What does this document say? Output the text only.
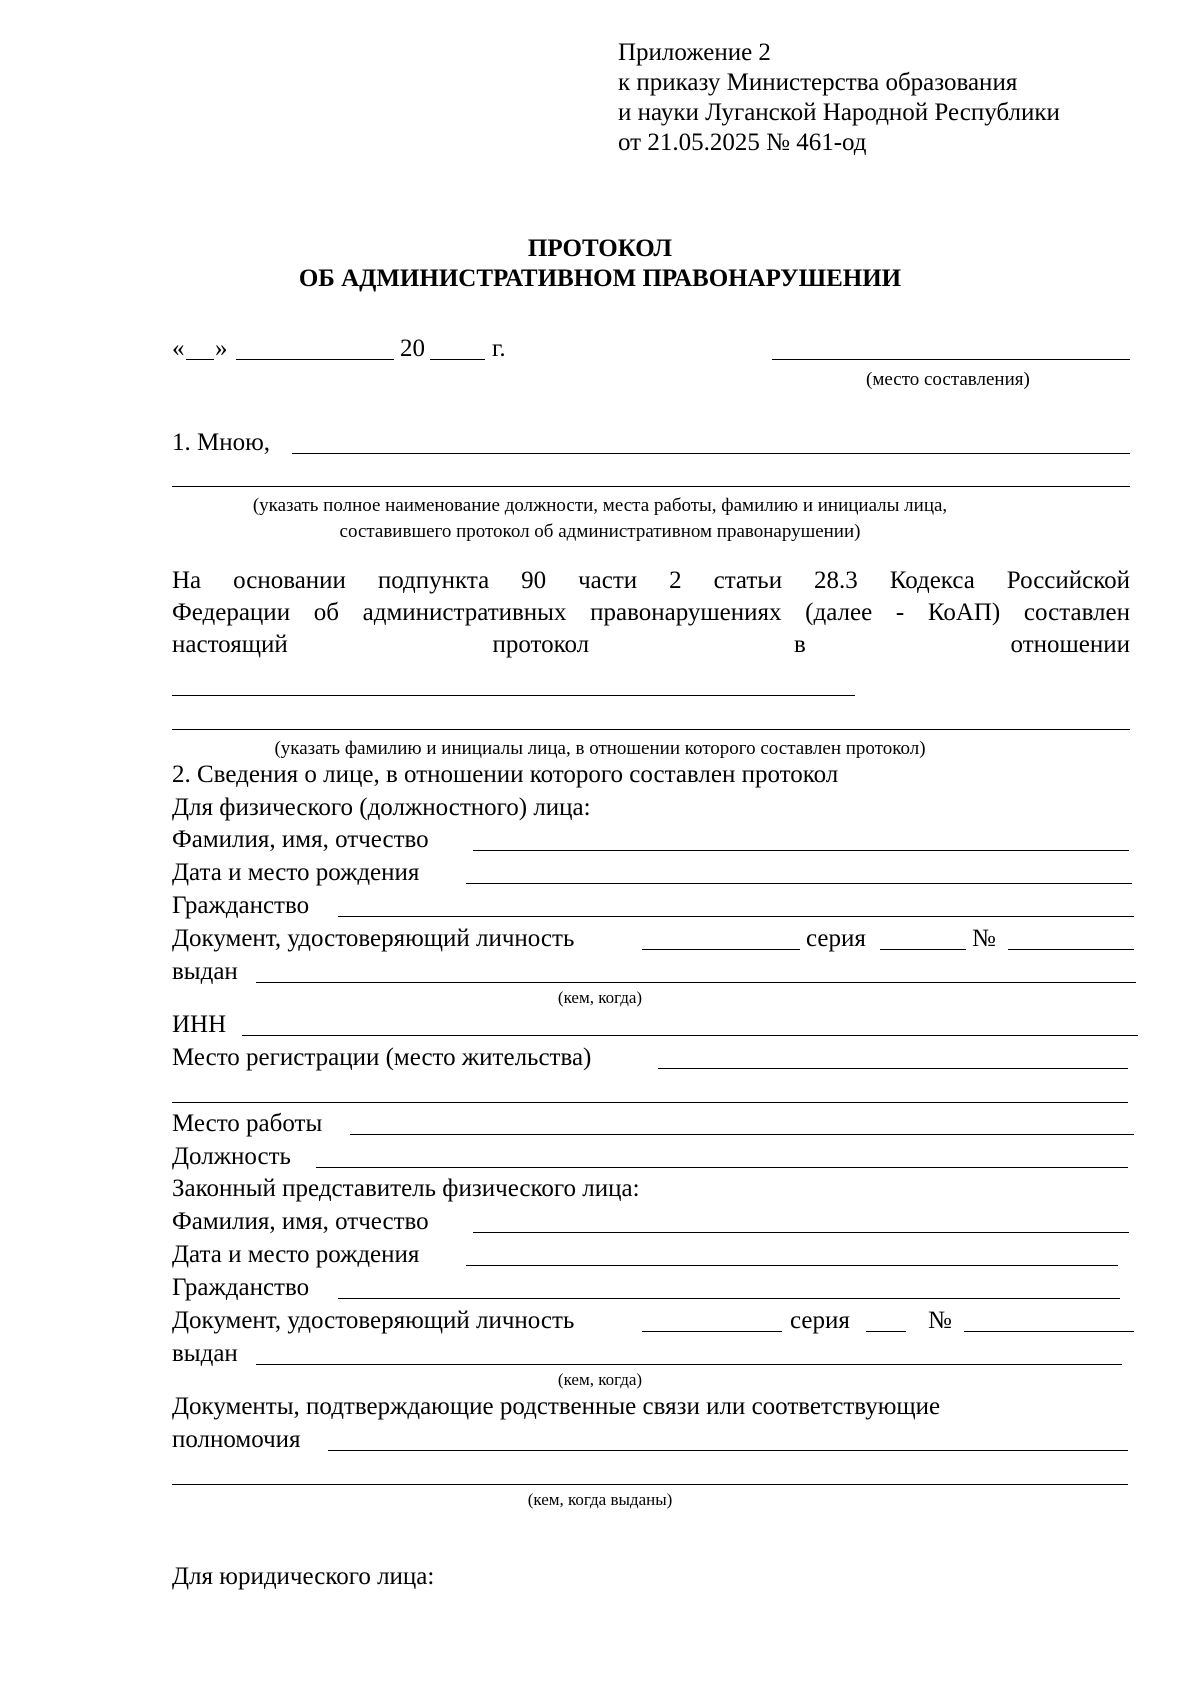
Приложение 2
к приказу Министерства образования
и науки Луганской Народной Республики
от 21.05.2025 № 461-од
ПРОТОКОЛ
ОБ АДМИНИСТРАТИВНОМ ПРАВОНАРУШЕНИИ
« »	20	г.
(место составления)
1. Мною,
(указать полное наименование должности, места работы, фамилию и инициалы лица,
составившего протокол об административном правонарушении)
На основании подпункта 90 части 2 статьи 28.3 Кодекса Российской
Федерации об административных правонарушениях (далее - КоАП) составлен
настоящий протокол в отношении
(указать фамилию и инициалы лица, в отношении которого составлен протокол)
2. Сведения о лице, в отношении которого составлен протокол
Для физического (должностного) лица:
Фамилия, имя, отчество
Дата и место рождения
Гражданство
Документ, удостоверяющий личность	серия	№
выдан
(кем, когда)
ИНН
Место регистрации (место жительства)
Место работы
Должность
Законный представитель физического лица:
Фамилия, имя, отчество
Дата и место рождения
Гражданство
Документ, удостоверяющий личность	серия	№
выдан
(кем, когда)
Документы, подтверждающие родственные связи или соответствующие
полномочия
(кем, когда выданы)
Для юридического лица:
